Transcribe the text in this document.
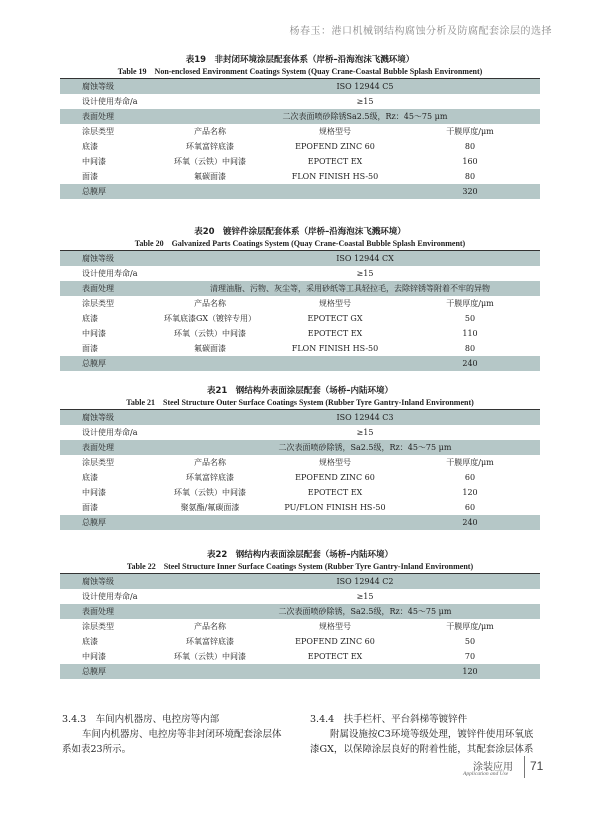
杨春玉：港口机械钢结构腐蚀分析及防腐配套涂层的选择
表19　非封闭环境涂层配套体系（岸桥–沿海泡沫飞溅环境）
Table 19　Non-enclosed Environment Coatings System (Quay Crane-Coastal Bubble Splash Environment)
腐蚀等级	ISO 12944 C5
设计使用寿命/a	≥15
表面处理	二次表面喷砂除锈Sa2.5级，Rz：45～75 μm
涂层类型	产品名称	规格型号	干膜厚度/μm
底漆	环氧富锌底漆	EPOFEND ZINC 60	80
中间漆	环氧（云铁）中间漆	EPOTECT EX	160
面漆	氟碳面漆	FLON FINISH HS-50	80
总膜厚	320
表20　镀锌件涂层配套体系（岸桥–沿海泡沫飞溅环境）
Table 20　Galvanized Parts Coatings System (Quay Crane-Coastal Bubble Splash Environment)
腐蚀等级	ISO 12944 CX
设计使用寿命/a	≥15
表面处理	清理油脂、污物、灰尘等，采用砂纸等工具轻拉毛，去除锌锈等附着不牢的异物
涂层类型	产品名称	规格型号	干膜厚度/μm
底漆	环氧底漆GX（镀锌专用）	EPOTECT GX	50
中间漆	环氧（云铁）中间漆	EPOTECT EX	110
面漆	氟碳面漆	FLON FINISH HS-50	80
总膜厚	240
表21　钢结构外表面涂层配套（场桥–内陆环境）
Table 21　Steel Structure Outer Surface Coatings System (Rubber Tyre Gantry-Inland Environment)
腐蚀等级	ISO 12944 C3
设计使用寿命/a	≥15
表面处理	二次表面喷砂除锈，Sa2.5级，Rz：45～75 μm
涂层类型	产品名称	规格型号	干膜厚度/μm
底漆	环氧富锌底漆	EPOFEND ZINC 60	60
中间漆	环氧（云铁）中间漆	EPOTECT EX	120
面漆	聚氨酯/氟碳面漆	PU/FLON FINISH HS-50	60
总膜厚	240
表22　钢结构内表面涂层配套（场桥–内陆环境）
Table 22　Steel Structure Inner Surface Coatings System (Rubber Tyre Gantry-Inland Environment)
腐蚀等级	ISO 12944 C2
设计使用寿命/a	≥15
表面处理	二次表面喷砂除锈，Sa2.5级，Rz：45～75 μm
涂层类型	产品名称	规格型号	干膜厚度/μm
底漆	环氧富锌底漆	EPOFEND ZINC 60	50
中间漆	环氧（云铁）中间漆	EPOTECT EX	70
总膜厚	120
3.4.3　车间内机器房、电控房等内部
车间内机器房、电控房等非封闭环境配套涂层体
系如表23所示。
3.4.4　扶手栏杆、平台斜梯等镀锌件
附属设施按C3环境等级处理，镀锌件使用环氧底
漆GX，以保障涂层良好的附着性能，其配套涂层体系
涂装应用
Application and Use
71
